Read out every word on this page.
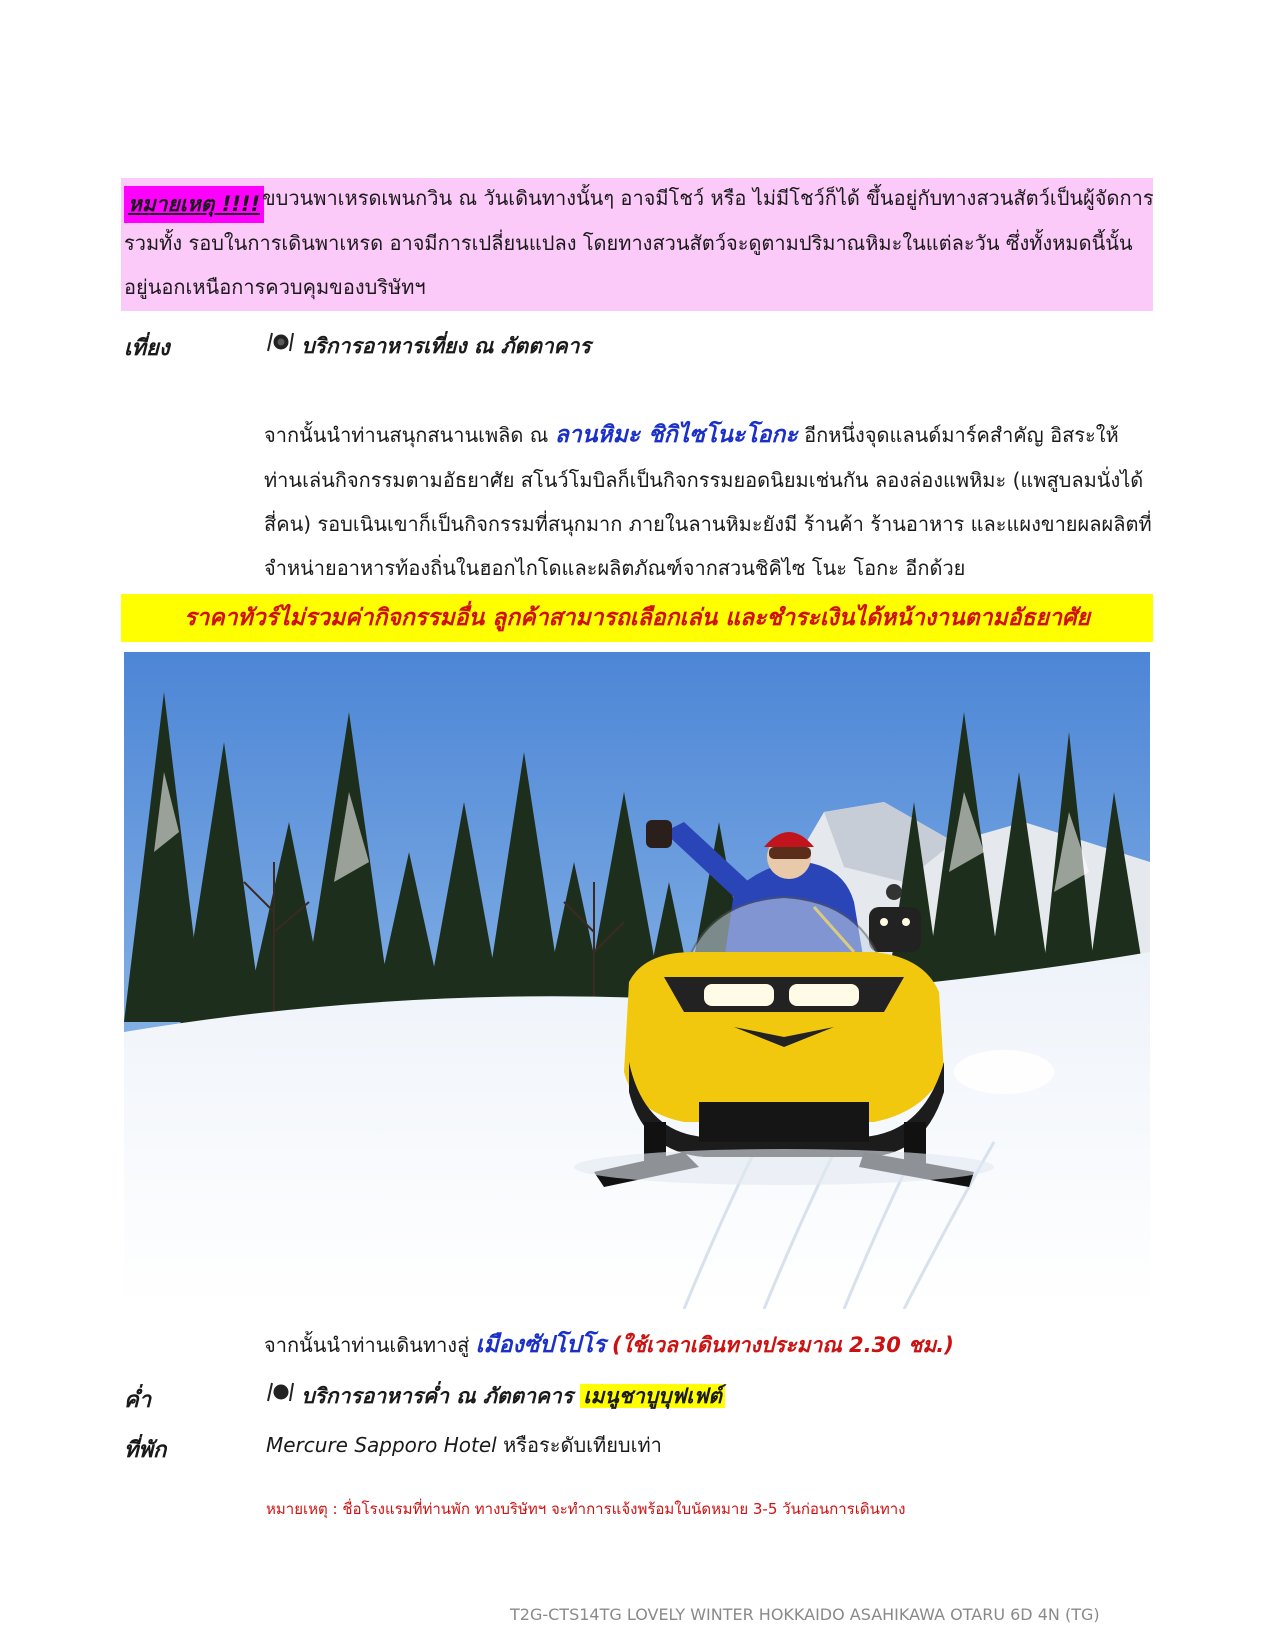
หมายเหตุ !!!! ขบวนพาเหรดเพนกวิน ณ วันเดินทางนั้นๆ อาจมีโชว์ หรือ ไม่มีโชว์ก็ได้ ขึ้นอยู่กับทางสวนสัตว์เป็นผู้จัดการ
รวมทั้ง รอบในการเดินพาเหรด อาจมีการเปลี่ยนแปลง โดยทางสวนสัตว์จะดูตามปริมาณหิมะในแต่ละวัน ซึ่งทั้งหมดนี้นั้น
อยู่นอกเหนือการควบคุมของบริษัทฯ
เที่ยง	บริการอาหารเที่ยง ณ ภัตตาคาร
จากนั้นนำท่านสนุกสนานเพลิด ณ ลานหิมะ ชิกิไซโนะโอกะ อีกหนึ่งจุดแลนด์มาร์คสำคัญ อิสระให้
ท่านเล่นกิจกรรมตามอัธยาศัย สโนว์โมบิลก็เป็นกิจกรรมยอดนิยมเช่นกัน ลองล่องแพหิมะ (แพสูบลมนั่งได้
สี่คน) รอบเนินเขาก็เป็นกิจกรรมที่สนุกมาก ภายในลานหิมะยังมี ร้านค้า ร้านอาหาร และแผงขายผลผลิตที่
จำหน่ายอาหารท้องถิ่นในฮอกไกโดและผลิตภัณฑ์จากสวนชิคิไซ โนะ โอกะ อีกด้วย
ราคาทัวร์ไม่รวมค่ากิจกรรมอื่น ลูกค้าสามารถเลือกเล่น และชำระเงินได้หน้างานตามอัธยาศัย
จากนั้นนำท่านเดินทางสู่ เมืองซัปโปโร (ใช้เวลาเดินทางประมาณ 2.30 ชม.)
ค่ำ	บริการอาหารค่ำ ณ ภัตตาคาร เมนูชาบูบุฟเฟต์
ที่พัก	Mercure Sapporo Hotel หรือระดับเทียบเท่า
หมายเหตุ : ชื่อโรงแรมที่ท่านพัก ทางบริษัทฯ จะทำการแจ้งพร้อมใบนัดหมาย 3-5 วันก่อนการเดินทาง
T2G-CTS14TG LOVELY WINTER HOKKAIDO ASAHIKAWA OTARU 6D 4N (TG)
